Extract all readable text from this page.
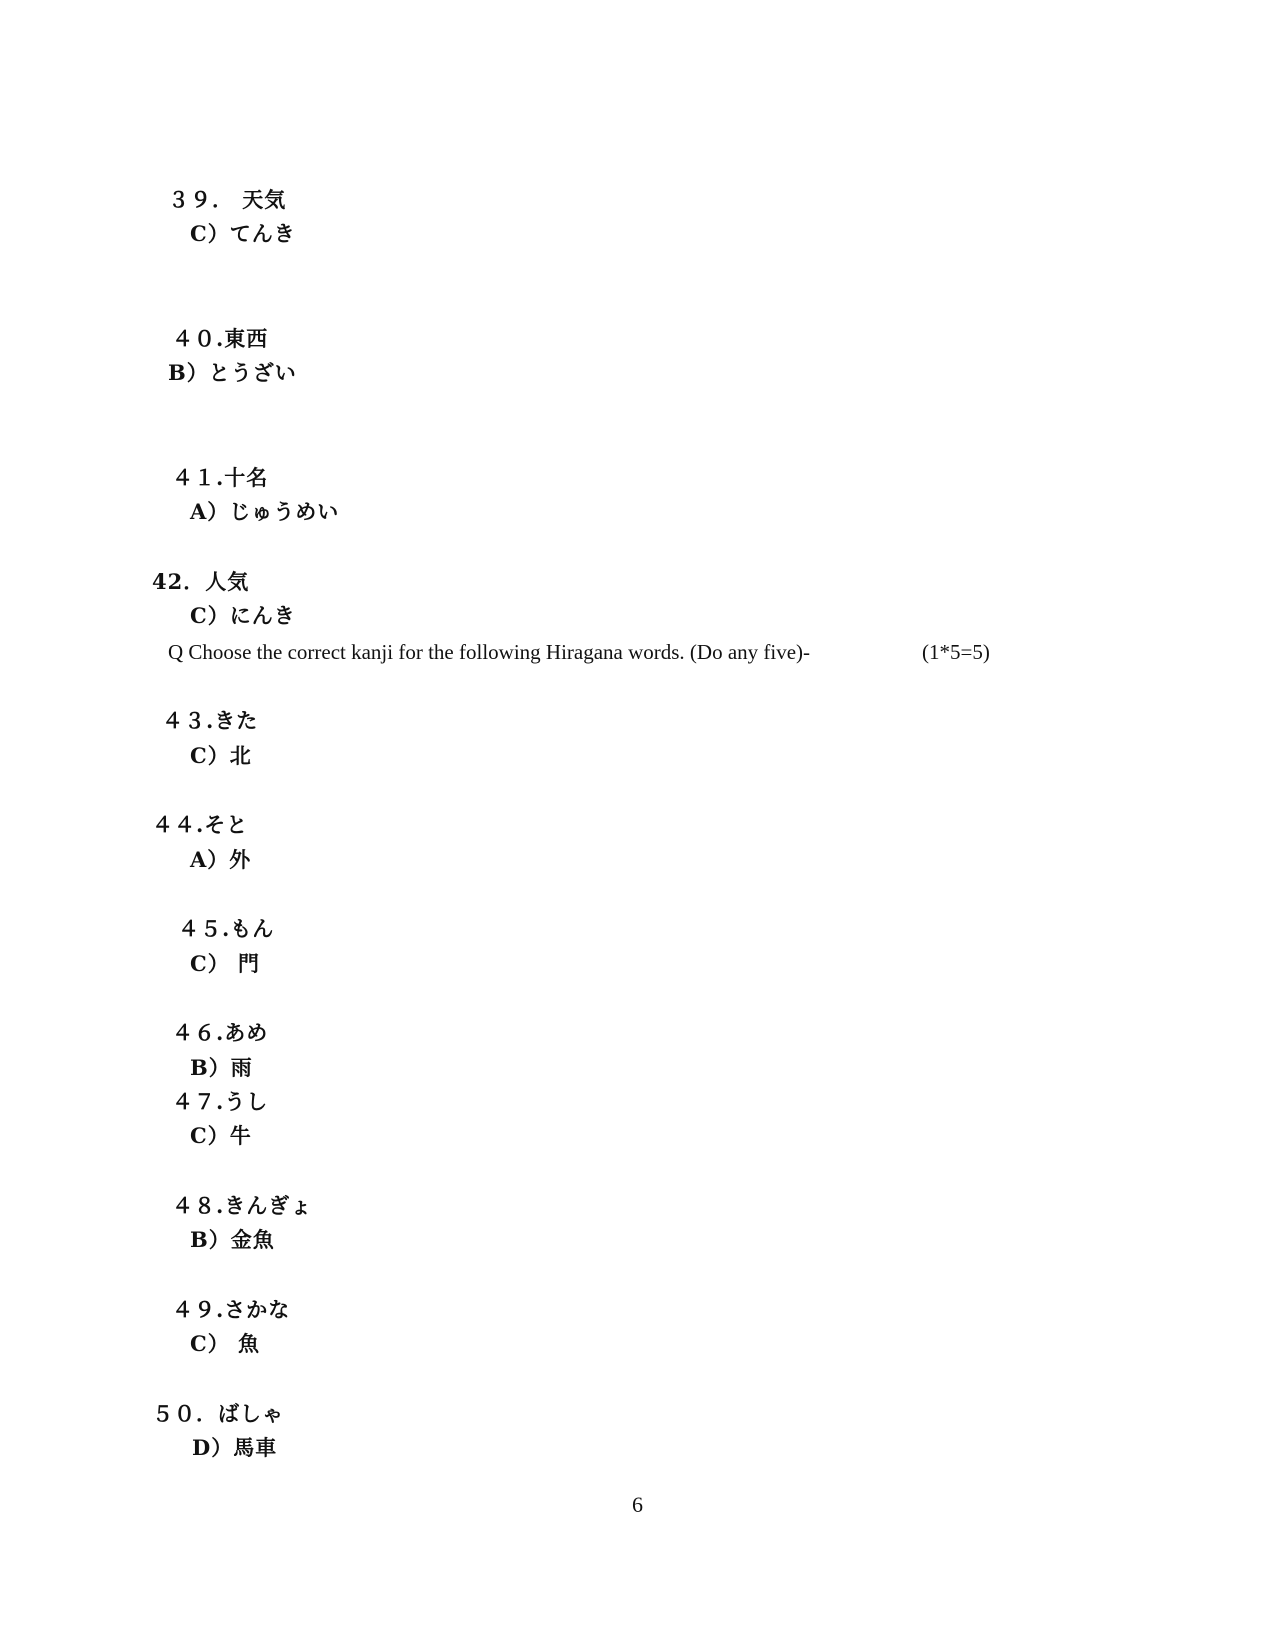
３９． 天気
C）てんき
４０.東西
B）とうざい
４１.十名
A）じゅうめい
42．人気
C）にんき
Q Choose the correct kanji for the following Hiragana words. (Do any five)-	(1*5=5)
４３.きた
C）北
４４.そと
A）外
４５.もん
C） 門
４６.あめ
B）雨
４７.うし
C）牛
４８.きんぎょ
B）金魚
４９.さかな
C） 魚
５０．ばしゃ
D）馬車
6
